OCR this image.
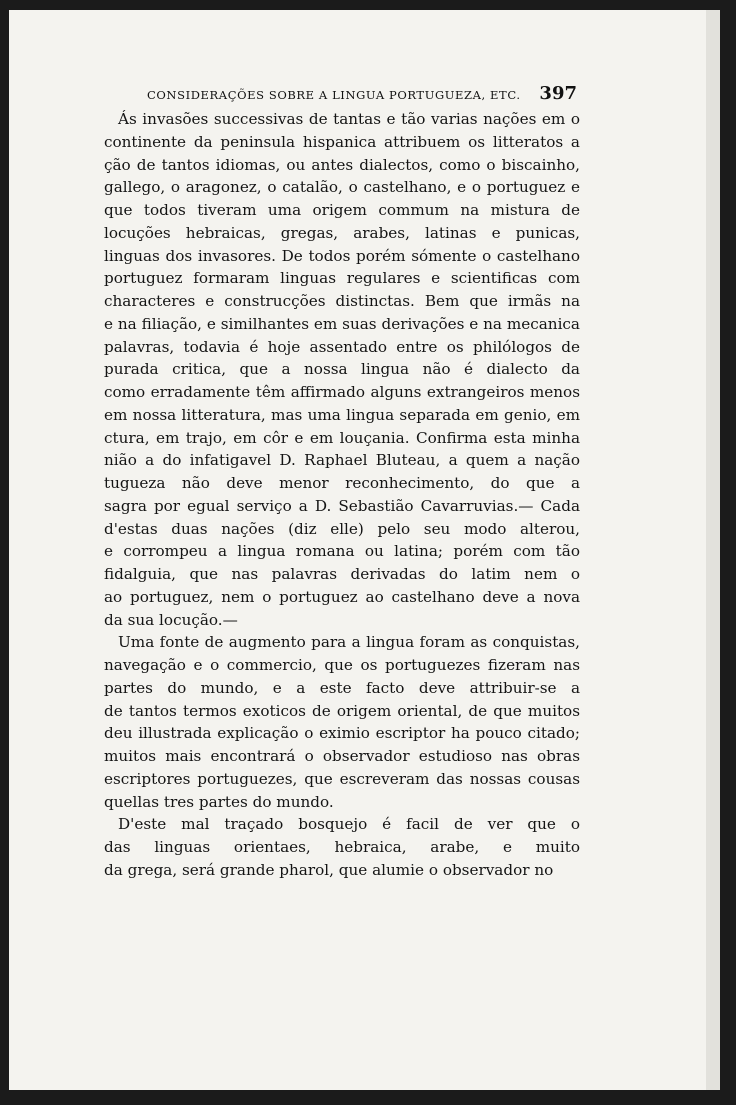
CONSIDERAÇÕES SOBRE A LINGUA PORTUGUEZA, ETC. 397
Ás invasões successivas de tantas e tão varias nações em o
continente da peninsula hispanica attribuem os litteratos a
ção de tantos idiomas, ou antes dialectos, como o biscainho,
gallego, o aragonez, o catalão, o castelhano, e o portuguez e
que todos tiveram uma origem commum na mistura de
locuções hebraicas, gregas, arabes, latinas e punicas,
linguas dos invasores. De todos porém sómente o castelhano
portuguez formaram linguas regulares e scientificas com
characteres e construcções distinctas. Bem que irmãs na
e na filiação, e similhantes em suas derivações e na mecanica
palavras, todavia é hoje assentado entre os philólogos de
purada critica, que a nossa lingua não é dialecto da
como erradamente têm affirmado alguns extrangeiros menos
em nossa litteratura, mas uma lingua separada em genio, em
ctura, em trajo, em côr e em louçania. Confirma esta minha
nião a do infatigavel D. Raphael Bluteau, a quem a nação
tugueza não deve menor reconhecimento, do que a
sagra por egual serviço a D. Sebastião Cavarruvias.— Cada
d'estas duas nações (diz elle) pelo seu modo alterou,
e corrompeu a lingua romana ou latina; porém com tão
fidalguia, que nas palavras derivadas do latim nem o
ao portuguez, nem o portuguez ao castelhano deve a nova
da sua locução.—
Uma fonte de augmento para a lingua foram as conquistas,
navegação e o commercio, que os portuguezes fizeram nas
partes do mundo, e a este facto deve attribuir-se a
de tantos termos exoticos de origem oriental, de que muitos
deu illustrada explicação o eximio escriptor ha pouco citado;
muitos mais encontrará o observador estudioso nas obras
escriptores portuguezes, que escreveram das nossas cousas
quellas tres partes do mundo.
D'este mal traçado bosquejo é facil de ver que o
das linguas orientaes, hebraica, arabe, e muito
da grega, será grande pharol, que alumie o observador no
